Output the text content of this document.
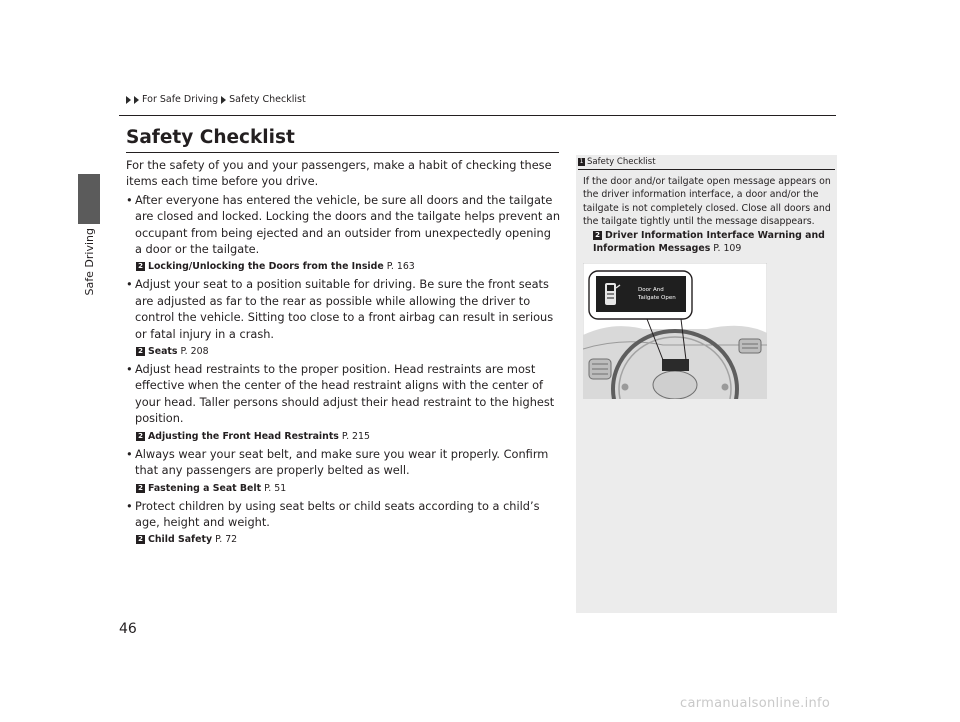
Safe Driving
For Safe Driving Safety Checklist
Safety Checklist

For the safety of you and your passengers, make a habit of checking these items each time before you drive.

• After everyone has entered the vehicle, be sure all doors and the tailgate are closed and locked. Locking the doors and the tailgate helps prevent an occupant from being ejected and an outsider from unexpectedly opening a door or the tailgate.
2 Locking/Unlocking the Doors from the Inside P. 163
• Adjust your seat to a position suitable for driving. Be sure the front seats are adjusted as far to the rear as possible while allowing the driver to control the vehicle. Sitting too close to a front airbag can result in serious or fatal injury in a crash.
2 Seats P. 208
• Adjust head restraints to the proper position. Head restraints are most effective when the center of the head restraint aligns with the center of your head. Taller persons should adjust their head restraint to the highest position.
2 Adjusting the Front Head Restraints P. 215
• Always wear your seat belt, and make sure you wear it properly. Confirm that any passengers are properly belted as well.
2 Fastening a Seat Belt P. 51
• Protect children by using seat belts or child seats according to a child’s age, height and weight.
2 Child Safety P. 72
1 Safety Checklist
If the door and/or tailgate open message appears on the driver information interface, a door and/or the tailgate is not completely closed. Close all doors and the tailgate tightly until the message disappears.
2 Driver Information Interface Warning and Information Messages P. 109
Door And
Tailgate Open
46
carmanualsonline.info
